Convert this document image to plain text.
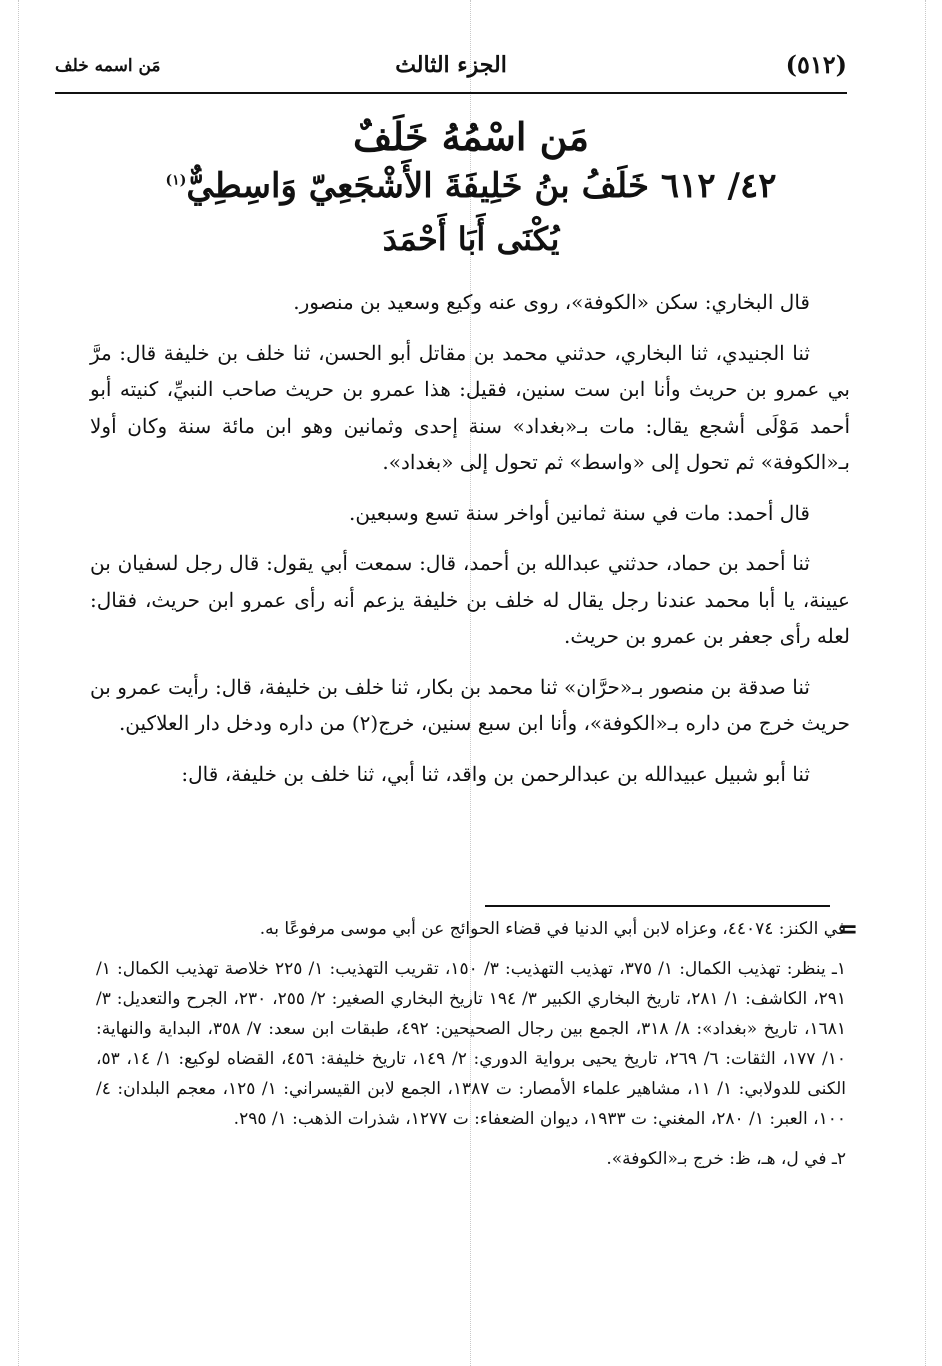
(٥١٢)
الجزء الثالث
مَن اسمه خلف
مَن اسْمُهُ خَلَفٌ
٤٢/ ٦١٢ خَلَفُ بنُ خَلِيفَةَ الأَشْجَعِيّ وَاسِطِيٌّ$^{(١)}$
يُكْنَى أَبَا أَحْمَدَ

قال البخاري: سكن «الكوفة»، روى عنه وكيع وسعيد بن منصور.

ثنا الجنيدي، ثنا البخاري، حدثني محمد بن مقاتل أبو الحسن، ثنا خلف بن خليفة قال: مرَّ بي عمرو بن حريث وأنا ابن ست سنين، فقيل: هذا عمرو بن حريث صاحب النبيِّ، كنيته أبو أحمد مَوْلَى أشجع يقال: مات بـ«بغداد» سنة إحدى وثمانين وهو ابن مائة سنة وكان أولا بـ«الكوفة» ثم تحول إلى «واسط» ثم تحول إلى «بغداد».

قال أحمد: مات في سنة ثمانين أواخر سنة تسع وسبعين.

ثنا أحمد بن حماد، حدثني عبدالله بن أحمد، قال: سمعت أبي يقول: قال رجل لسفيان بن عيينة، يا أبا محمد عندنا رجل يقال له خلف بن خليفة يزعم أنه رأى عمرو ابن حريث، فقال: لعله رأى جعفر بن عمرو بن حريث.

ثنا صدقة بن منصور بـ«حرَّان» ثنا محمد بن بكار، ثنا خلف بن خليفة، قال: رأيت عمرو بن حريث خرج من داره بـ«الكوفة»، وأنا ابن سبع سنين، خرج(٢) من داره ودخل دار العلاكين.

ثنا أبو شبيل عبيدالله بن عبدالرحمن بن واقد، ثنا أبي، ثنا خلف بن خليفة، قال:

=

في الكنز: ٤٤٠٧٤، وعزاه لابن أبي الدنيا في قضاء الحوائج عن أبي موسى مرفوعًا به.

١ـ ينظر: تهذيب الكمال: ١/ ٣٧٥، تهذيب التهذيب: ٣/ ١٥٠، تقريب التهذيب: ١/ ٢٢٥ خلاصة تهذيب الكمال: ١/ ٢٩١، الكاشف: ١/ ٢٨١، تاريخ البخاري الكبير ٣/ ١٩٤ تاريخ البخاري الصغير: ٢/ ٢٥٥، ٢٣٠، الجرح والتعديل: ٣/ ١٦٨١، تاريخ «بغداد»: ٨/ ٣١٨، الجمع بين رجال الصحيحين: ٤٩٢، طبقات ابن سعد: ٧/ ٣٥٨، البداية والنهاية: ١٠/ ١٧٧، الثقات: ٦/ ٢٦٩، تاريخ يحيى برواية الدوري: ٢/ ١٤٩، تاريخ خليفة: ٤٥٦، القضاه لوكيع: ١/ ١٤، ٥٣، الكنى للدولابي: ١/ ١١، مشاهير علماء الأمصار: ت ١٣٨٧، الجمع لابن القيسراني: ١/ ١٢٥، معجم البلدان: ٤/ ١٠٠، العبر: ١/ ٢٨٠، المغني: ت ١٩٣٣، ديوان الضعفاء: ت ١٢٧٧، شذرات الذهب: ١/ ٢٩٥.

٢ـ في ل، هـ، ظ: خرج بـ«الكوفة».
